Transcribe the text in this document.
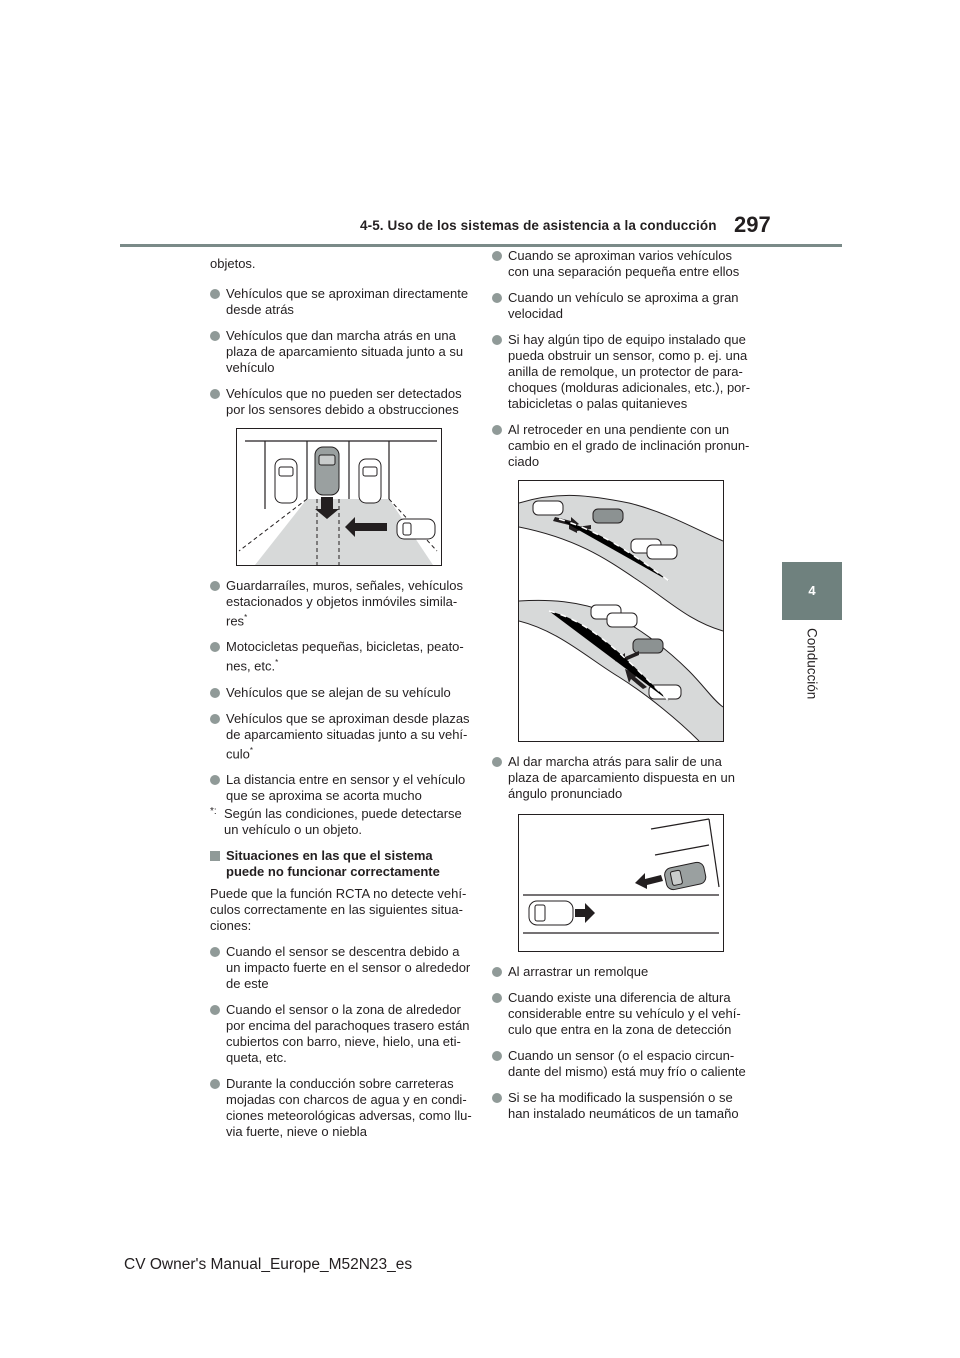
4-5. Uso de los sistemas de asistencia a la conducción 297
4
Conducción

objetos.

Vehículos que se aproximan directamente desde atrás

Vehículos que dan marcha atrás en una plaza de aparcamiento situada junto a su vehículo

Vehículos que no pueden ser detectados por los sensores debido a obstrucciones

Guardarraíles, muros, señales, vehículos estacionados y objetos inmóviles simila-res*

Motocicletas pequeñas, bicicletas, peato-nes, etc.*

Vehículos que se alejan de su vehículo

Vehículos que se aproximan desde plazas de aparcamiento situadas junto a su vehí-culo*

La distancia entre en sensor y el vehículo que se aproxima se acorta mucho

*: Según las condiciones, puede detectarse un vehículo o un objeto.

Situaciones en las que el sistema puede no funcionar correctamente

Puede que la función RCTA no detecte vehí-culos correctamente en las siguientes situa-ciones:

Cuando el sensor se descentra debido a un impacto fuerte en el sensor o alrededor de este

Cuando el sensor o la zona de alrededor por encima del parachoques trasero están cubiertos con barro, nieve, hielo, una eti-queta, etc.

Durante la conducción sobre carreteras mojadas con charcos de agua y en condi-ciones meteorológicas adversas, como llu-via fuerte, nieve o niebla

Cuando se aproximan varios vehículos con una separación pequeña entre ellos

Cuando un vehículo se aproxima a gran velocidad

Si hay algún tipo de equipo instalado que pueda obstruir un sensor, como p. ej. una anilla de remolque, un protector de para-choques (molduras adicionales, etc.), por-tabicicletas o palas quitanieves

Al retroceder en una pendiente con un cambio en el grado de inclinación pronun-ciado

Al dar marcha atrás para salir de una plaza de aparcamiento dispuesta en un ángulo pronunciado

Al arrastrar un remolque

Cuando existe una diferencia de altura considerable entre su vehículo y el vehí-culo que entra en la zona de detección

Cuando un sensor (o el espacio circun-dante del mismo) está muy frío o caliente

Si se ha modificado la suspensión o se han instalado neumáticos de un tamaño

CV Owner's Manual_Europe_M52N23_es
